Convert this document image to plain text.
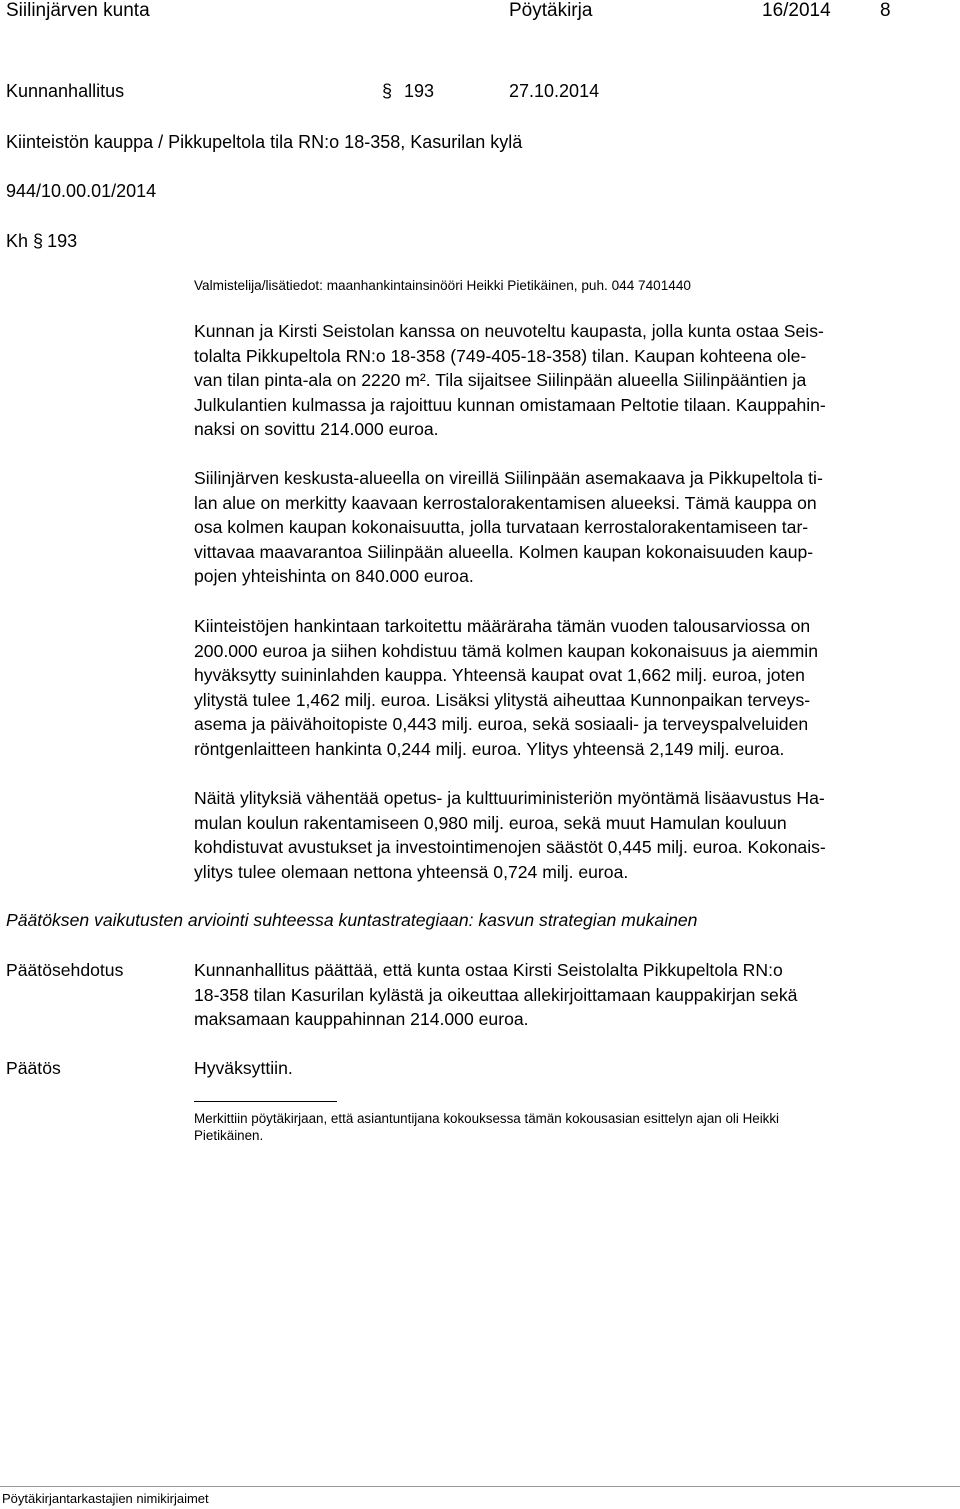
Siilinjärven kunta	Pöytäkirja	16/2014	8
Kunnanhallitus	§ 193	27.10.2014
Kiinteistön kauppa / Pikkupeltola tila RN:o 18-358, Kasurilan kylä
944/10.00.01/2014
Kh § 193
Valmistelija/lisätiedot: maanhankintainsinööri Heikki Pietikäinen, puh. 044 7401440
Kunnan ja Kirsti Seistolan kanssa on neuvoteltu kaupasta, jolla kunta ostaa Seis-
tolalta Pikkupeltola RN:o 18-358 (749-405-18-358) tilan. Kaupan kohteena ole-
van tilan pinta-ala on 2220 m². Tila sijaitsee Siilinpään alueella Siilinpääntien ja
Julkulantien kulmassa ja rajoittuu kunnan omistamaan Peltotie tilaan. Kauppahin-
naksi on sovittu 214.000 euroa.
Siilinjärven keskusta-alueella on vireillä Siilinpään asemakaava ja Pikkupeltola ti-
lan alue on merkitty kaavaan kerrostalorakentamisen alueeksi. Tämä kauppa on
osa kolmen kaupan kokonaisuutta, jolla turvataan kerrostalorakentamiseen tar-
vittavaa maavarantoa Siilinpään alueella. Kolmen kaupan kokonaisuuden kaup-
pojen yhteishinta on 840.000 euroa.
Kiinteistöjen hankintaan tarkoitettu määräraha tämän vuoden talousarviossa on
200.000 euroa ja siihen kohdistuu tämä kolmen kaupan kokonaisuus ja aiemmin
hyväksytty suininlahden kauppa. Yhteensä kaupat ovat 1,662 milj. euroa, joten
ylitystä tulee 1,462 milj. euroa. Lisäksi ylitystä aiheuttaa Kunnonpaikan terveys-
asema ja päivähoitopiste 0,443 milj. euroa, sekä sosiaali- ja terveyspalveluiden
röntgenlaitteen hankinta 0,244 milj. euroa. Ylitys yhteensä 2,149 milj. euroa.
Näitä ylityksiä vähentää opetus- ja kulttuuriministeriön myöntämä lisäavustus Ha-
mulan koulun rakentamiseen 0,980 milj. euroa, sekä muut Hamulan kouluun
kohdistuvat avustukset ja investointimenojen säästöt 0,445 milj. euroa. Kokonais-
ylitys tulee olemaan nettona yhteensä 0,724 milj. euroa.
Päätöksen vaikutusten arviointi suhteessa kuntastrategiaan: kasvun strategian mukainen
Päätösehdotus	Kunnanhallitus päättää, että kunta ostaa Kirsti Seistolalta Pikkupeltola RN:o
18-358 tilan Kasurilan kylästä ja oikeuttaa allekirjoittamaan kauppakirjan sekä
maksamaan kauppahinnan 214.000 euroa.
Päätös	Hyväksyttiin.
Merkittiin pöytäkirjaan, että asiantuntijana kokouksessa tämän kokousasian esittelyn ajan oli Heikki
Pietikäinen.
Pöytäkirjantarkastajien nimikirjaimet
